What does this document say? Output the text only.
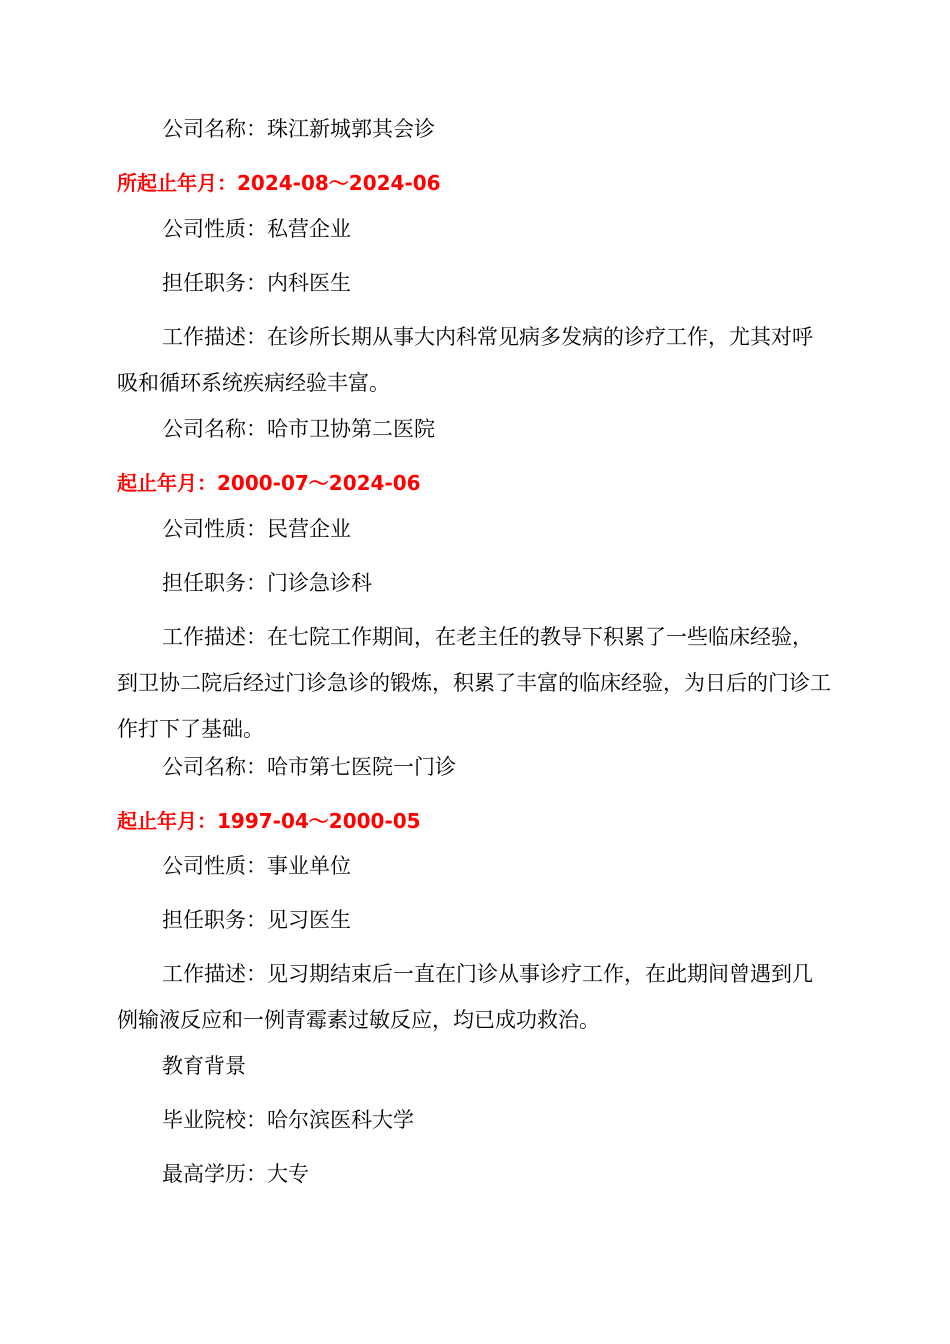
公司名称：珠江新城郭其会诊
所起止年月：2024-08～2024-06
公司性质：私营企业
担任职务：内科医生
工作描述：在诊所长期从事大内科常见病多发病的诊疗工作，尤其对呼吸和循环系统疾病经验丰富。
公司名称：哈市卫协第二医院
起止年月：2000-07～2024-06
公司性质：民营企业
担任职务：门诊急诊科
工作描述：在七院工作期间，在老主任的教导下积累了一些临床经验，到卫协二院后经过门诊急诊的锻炼，积累了丰富的临床经验，为日后的门诊工作打下了基础。
公司名称：哈市第七医院一门诊
起止年月：1997-04～2000-05
公司性质：事业单位
担任职务：见习医生
工作描述：见习期结束后一直在门诊从事诊疗工作，在此期间曾遇到几例输液反应和一例青霉素过敏反应，均已成功救治。
教育背景
毕业院校：哈尔滨医科大学
最高学历：大专
